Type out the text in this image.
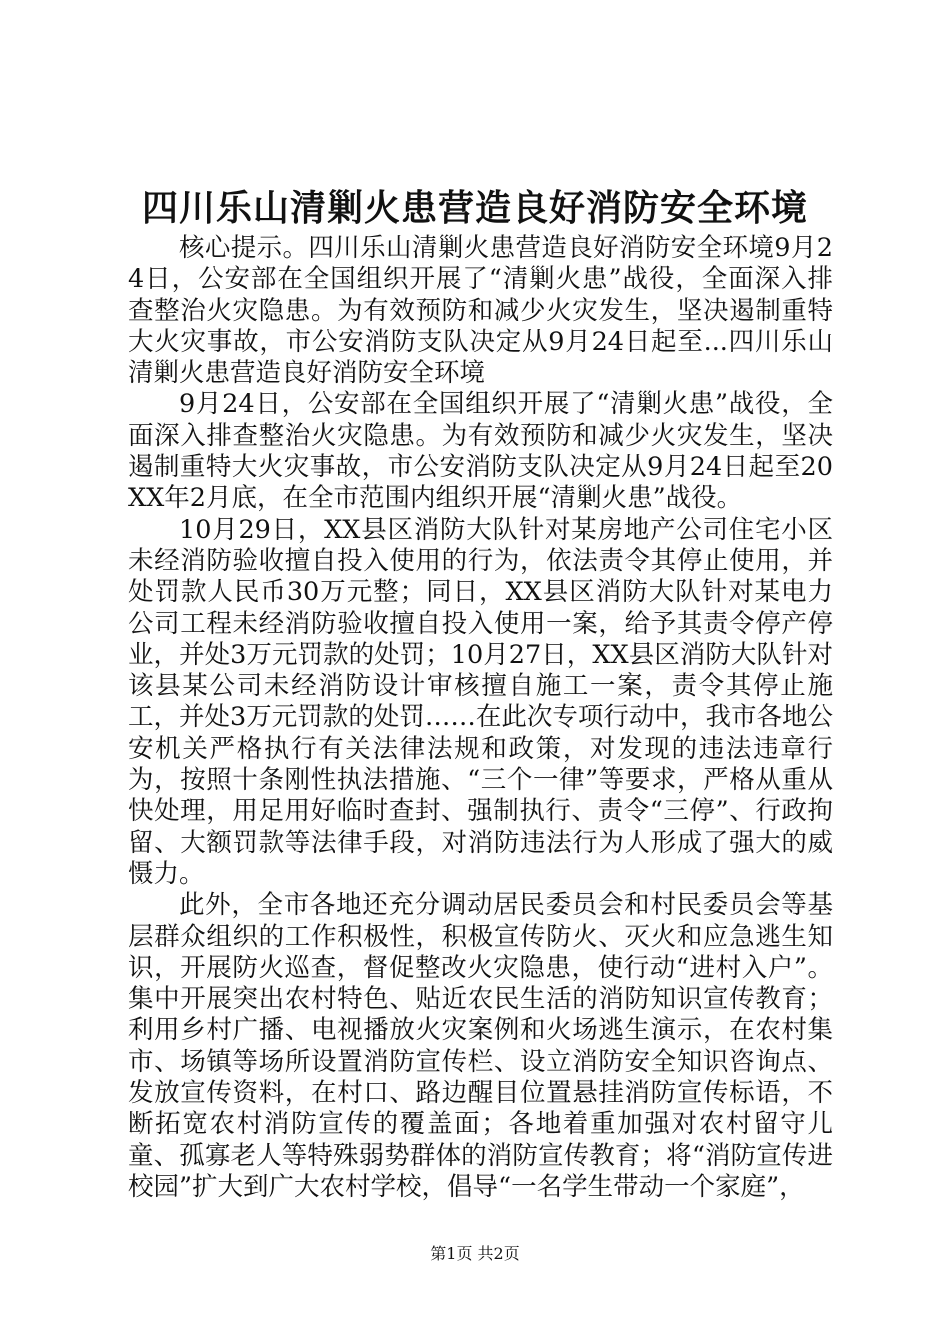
四川乐山清剿火患营造良好消防安全环境

核心提示。四川乐山清剿火患营造良好消防安全环境9月24日，公安部在全国组织开展了“清剿火患”战役，全面深入排查整治火灾隐患。为有效预防和减少火灾发生，坚决遏制重特大火灾事故，市公安消防支队决定从9月24日起至...四川乐山清剿火患营造良好消防安全环境

9月24日，公安部在全国组织开展了“清剿火患”战役，全面深入排查整治火灾隐患。为有效预防和减少火灾发生，坚决遏制重特大火灾事故，市公安消防支队决定从9月24日起至20XX年2月底，在全市范围内组织开展“清剿火患”战役。

10月29日，XX县区消防大队针对某房地产公司住宅小区未经消防验收擅自投入使用的行为，依法责令其停止使用，并处罚款人民币30万元整；同日，XX县区消防大队针对某电力公司工程未经消防验收擅自投入使用一案，给予其责令停产停业，并处3万元罚款的处罚；10月27日，XX县区消防大队针对该县某公司未经消防设计审核擅自施工一案，责令其停止施工，并处3万元罚款的处罚……在此次专项行动中，我市各地公安机关严格执行有关法律法规和政策，对发现的违法违章行为，按照十条刚性执法措施、“三个一律”等要求，严格从重从快处理，用足用好临时查封、强制执行、责令“三停”、行政拘留、大额罚款等法律手段，对消防违法行为人形成了强大的威慑力。

此外，全市各地还充分调动居民委员会和村民委员会等基层群众组织的工作积极性，积极宣传防火、灭火和应急逃生知识，开展防火巡查，督促整改火灾隐患，使行动“进村入户”。集中开展突出农村特色、贴近农民生活的消防知识宣传教育；利用乡村广播、电视播放火灾案例和火场逃生演示，在农村集市、场镇等场所设置消防宣传栏、设立消防安全知识咨询点、发放宣传资料，在村口、路边醒目位置悬挂消防宣传标语，不断拓宽农村消防宣传的覆盖面；各地着重加强对农村留守儿童、孤寡老人等特殊弱势群体的消防宣传教育；将“消防宣传进校园”扩大到广大农村学校，倡导“一名学生带动一个家庭”，

第1页 共2页
